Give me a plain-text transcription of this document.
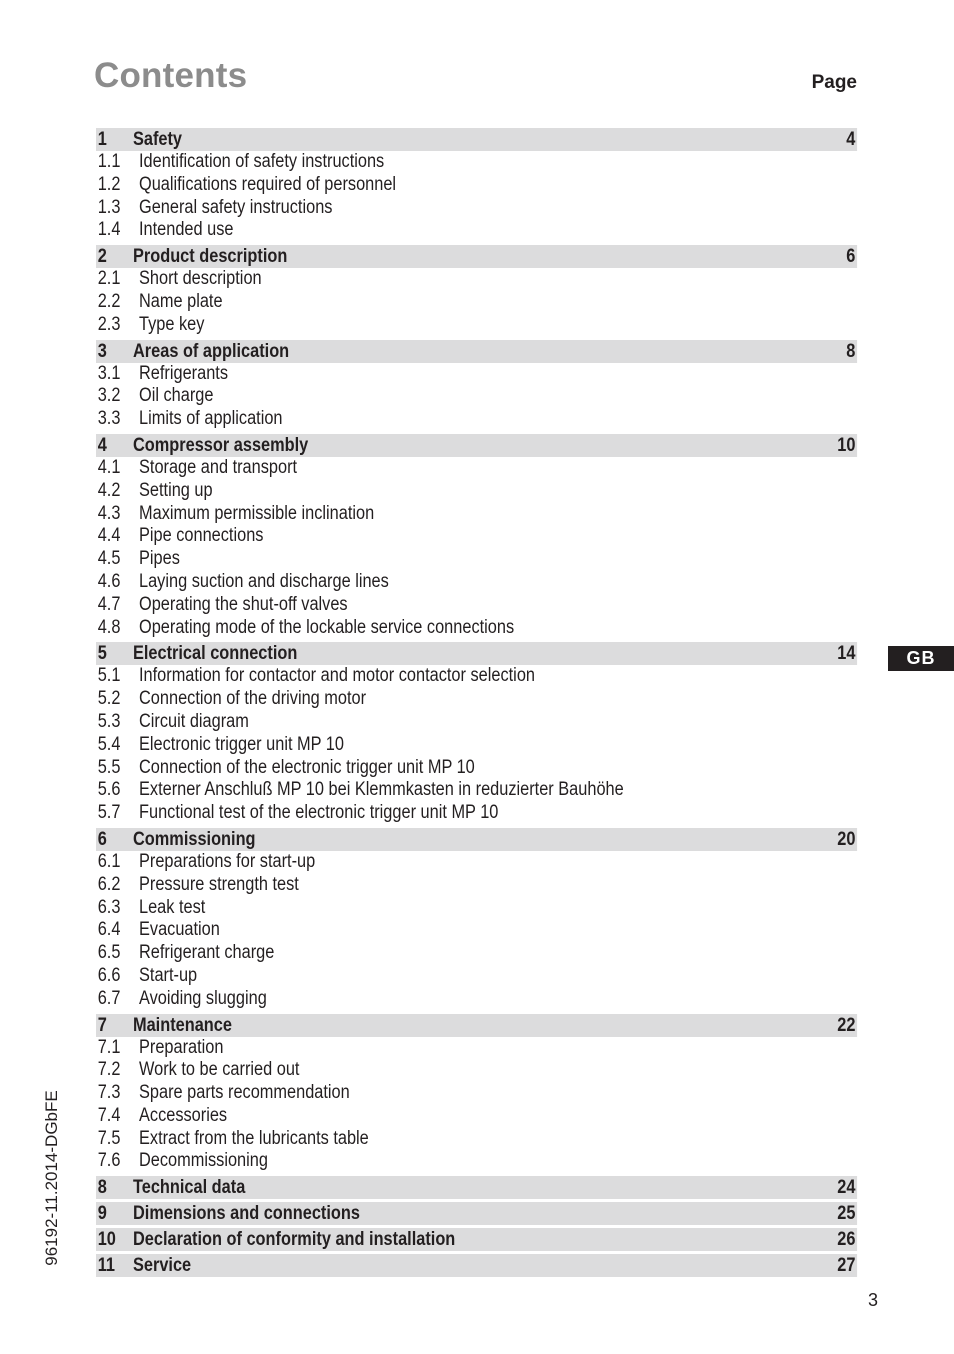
Contents	Page
1 Safety	4
1.1 Identification of safety instructions
1.2 Qualifications required of personnel
1.3 General safety instructions
1.4 Intended use
2 Product description	6
2.1 Short description
2.2 Name plate
2.3 Type key
3 Areas of application	8
3.1 Refrigerants
3.2 Oil charge
3.3 Limits of application
4 Compressor assembly	10
4.1 Storage and transport
4.2 Setting up
4.3 Maximum permissible inclination
4.4 Pipe connections
4.5 Pipes
4.6 Laying suction and discharge lines
4.7 Operating the shut-off valves
4.8 Operating mode of the lockable service connections
5 Electrical connection	14
5.1 Information for contactor and motor contactor selection
5.2 Connection of the driving motor
5.3 Circuit diagram
5.4 Electronic trigger unit MP 10
5.5 Connection of the electronic trigger unit MP 10
5.6 Externer Anschluß MP 10 bei Klemmkasten in reduzierter Bauhöhe
5.7 Functional test of the electronic trigger unit MP 10
6 Commissioning	20
6.1 Preparations for start-up
6.2 Pressure strength test
6.3 Leak test
6.4 Evacuation
6.5 Refrigerant charge
6.6 Start-up
6.7 Avoiding slugging
7 Maintenance	22
7.1 Preparation
7.2 Work to be carried out
7.3 Spare parts recommendation
7.4 Accessories
7.5 Extract from the lubricants table
7.6 Decommissioning
8 Technical data	24
9 Dimensions and connections	25
10 Declaration of conformity and installation	26
11 Service	27
GB
96192-11.2014-DGbFE
3
